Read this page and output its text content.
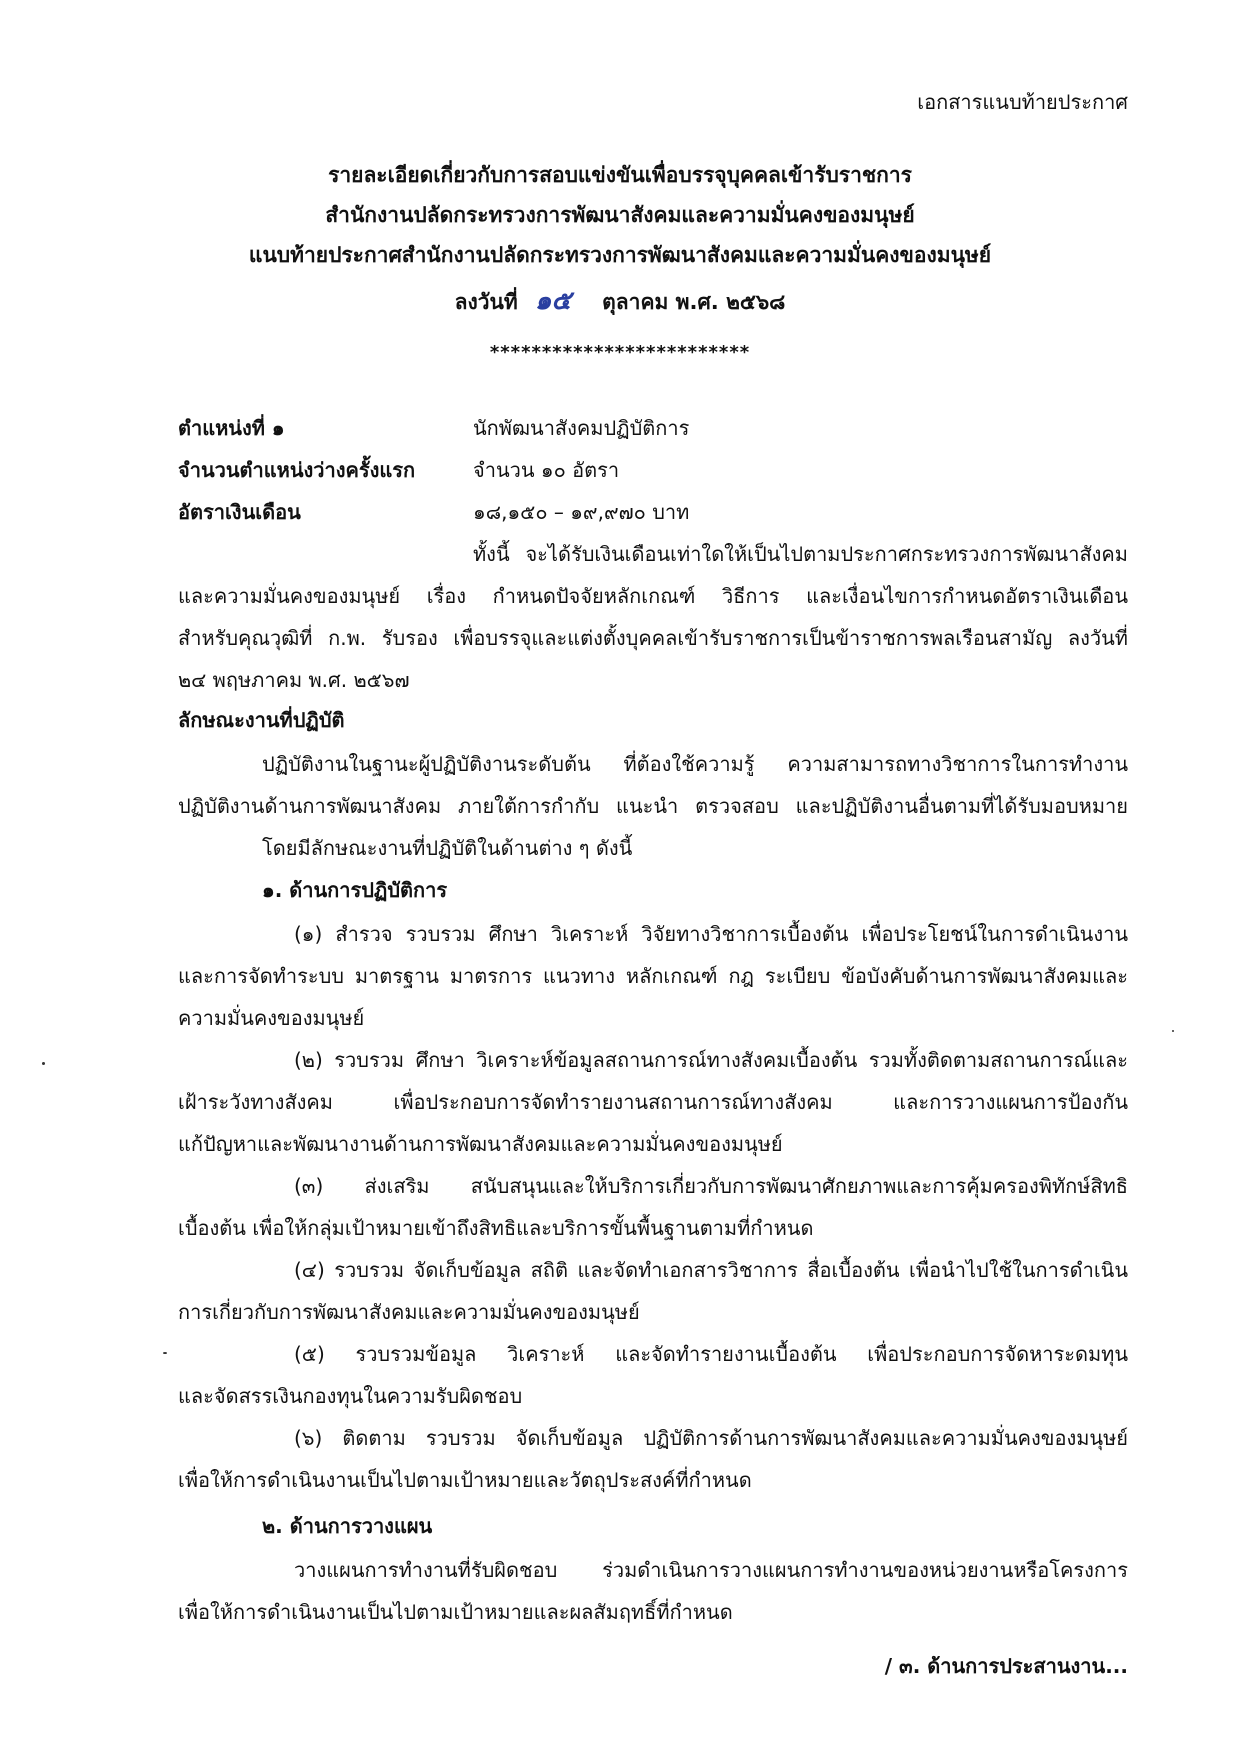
เอกสารแนบท้ายประกาศ
รายละเอียดเกี่ยวกับการสอบแข่งขันเพื่อบรรจุบุคคลเข้ารับราชการ
สำนักงานปลัดกระทรวงการพัฒนาสังคมและความมั่นคงของมนุษย์
แนบท้ายประกาศสำนักงานปลัดกระทรวงการพัฒนาสังคมและความมั่นคงของมนุษย์
ลงวันที่ ๑๕ ตุลาคม พ.ศ. ๒๕๖๘
*************************
ตำแหน่งที่ ๑	นักพัฒนาสังคมปฏิบัติการ
จำนวนตำแหน่งว่างครั้งแรก	จำนวน ๑๐ อัตรา
อัตราเงินเดือน	๑๘,๑๕๐ – ๑๙,๙๗๐ บาท
ทั้งนี้ จะได้รับเงินเดือนเท่าใดให้เป็นไปตามประกาศกระทรวงการพัฒนาสังคม
และความมั่นคงของมนุษย์ เรื่อง กำหนดปัจจัยหลักเกณฑ์ วิธีการ และเงื่อนไขการกำหนดอัตราเงินเดือน
สำหรับคุณวุฒิที่ ก.พ. รับรอง เพื่อบรรจุและแต่งตั้งบุคคลเข้ารับราชการเป็นข้าราชการพลเรือนสามัญ ลงวันที่
๒๔ พฤษภาคม พ.ศ. ๒๕๖๗
ลักษณะงานที่ปฏิบัติ
ปฏิบัติงานในฐานะผู้ปฏิบัติงานระดับต้น ที่ต้องใช้ความรู้ ความสามารถทางวิชาการในการทำงาน
ปฏิบัติงานด้านการพัฒนาสังคม ภายใต้การกำกับ แนะนำ ตรวจสอบ และปฏิบัติงานอื่นตามที่ได้รับมอบหมาย
โดยมีลักษณะงานที่ปฏิบัติในด้านต่าง ๆ ดังนี้
๑. ด้านการปฏิบัติการ
(๑) สำรวจ รวบรวม ศึกษา วิเคราะห์ วิจัยทางวิชาการเบื้องต้น เพื่อประโยชน์ในการดำเนินงาน
และการจัดทำระบบ มาตรฐาน มาตรการ แนวทาง หลักเกณฑ์ กฎ ระเบียบ ข้อบังคับด้านการพัฒนาสังคมและ
ความมั่นคงของมนุษย์
(๒) รวบรวม ศึกษา วิเคราะห์ข้อมูลสถานการณ์ทางสังคมเบื้องต้น รวมทั้งติดตามสถานการณ์และ
เฝ้าระวังทางสังคม เพื่อประกอบการจัดทำรายงานสถานการณ์ทางสังคม และการวางแผนการป้องกัน
แก้ปัญหาและพัฒนางานด้านการพัฒนาสังคมและความมั่นคงของมนุษย์
(๓) ส่งเสริม สนับสนุนและให้บริการเกี่ยวกับการพัฒนาศักยภาพและการคุ้มครองพิทักษ์สิทธิ
เบื้องต้น เพื่อให้กลุ่มเป้าหมายเข้าถึงสิทธิและบริการขั้นพื้นฐานตามที่กำหนด
(๔) รวบรวม จัดเก็บข้อมูล สถิติ และจัดทำเอกสารวิชาการ สื่อเบื้องต้น เพื่อนำไปใช้ในการดำเนิน
การเกี่ยวกับการพัฒนาสังคมและความมั่นคงของมนุษย์
(๕) รวบรวมข้อมูล วิเคราะห์ และจัดทำรายงานเบื้องต้น เพื่อประกอบการจัดหาระดมทุน
และจัดสรรเงินกองทุนในความรับผิดชอบ
(๖) ติดตาม รวบรวม จัดเก็บข้อมูล ปฏิบัติการด้านการพัฒนาสังคมและความมั่นคงของมนุษย์
เพื่อให้การดำเนินงานเป็นไปตามเป้าหมายและวัตถุประสงค์ที่กำหนด
๒. ด้านการวางแผน
วางแผนการทำงานที่รับผิดชอบ ร่วมดำเนินการวางแผนการทำงานของหน่วยงานหรือโครงการ
เพื่อให้การดำเนินงานเป็นไปตามเป้าหมายและผลสัมฤทธิ์ที่กำหนด
/ ๓. ด้านการประสานงาน...
